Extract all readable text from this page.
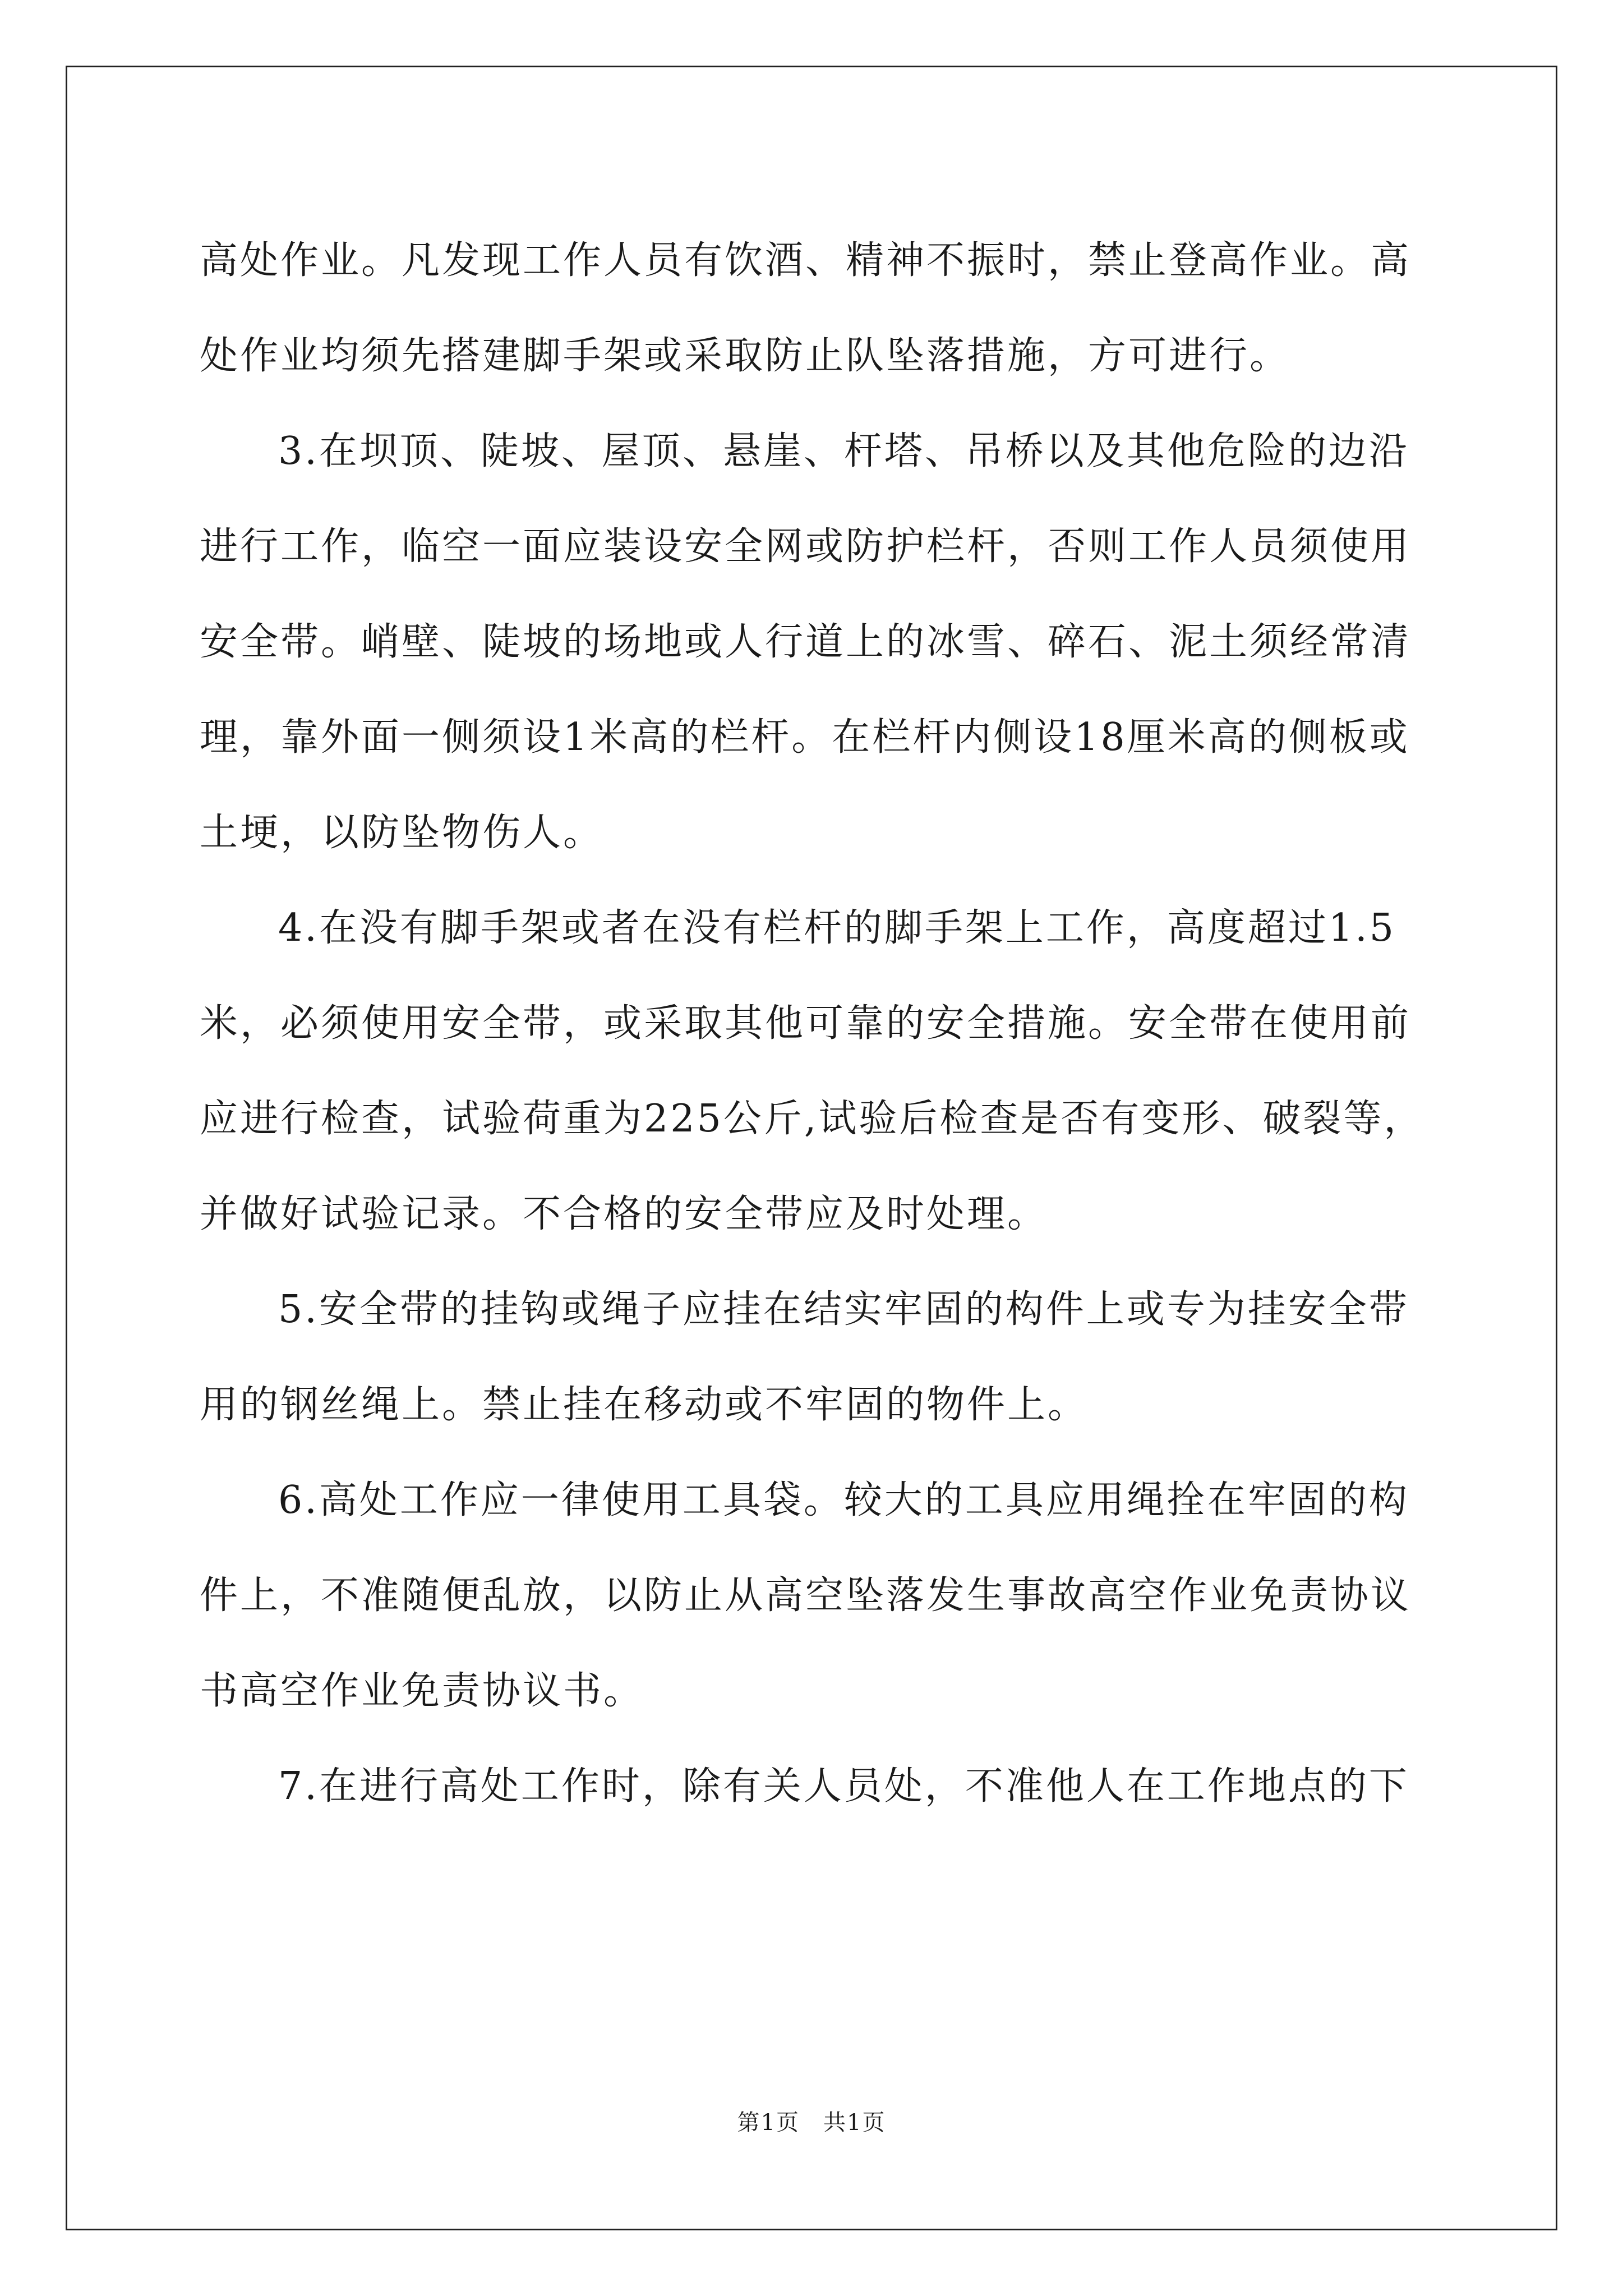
高处作业。凡发现工作人员有饮酒、精神不振时，禁止登高作业。高处作业均须先搭建脚手架或采取防止队坠落措施，方可进行。

3.在坝顶、陡坡、屋顶、悬崖、杆塔、吊桥以及其他危险的边沿进行工作，临空一面应装设安全网或防护栏杆，否则工作人员须使用安全带。峭壁、陡坡的场地或人行道上的冰雪、碎石、泥土须经常清理，靠外面一侧须设1米高的栏杆。在栏杆内侧设18厘米高的侧板或土埂，以防坠物伤人。

4.在没有脚手架或者在没有栏杆的脚手架上工作，高度超过1.5米，必须使用安全带，或采取其他可靠的安全措施。安全带在使用前应进行检查，试验荷重为225公斤,试验后检查是否有变形、破裂等，并做好试验记录。不合格的安全带应及时处理。

5.安全带的挂钩或绳子应挂在结实牢固的构件上或专为挂安全带用的钢丝绳上。禁止挂在移动或不牢固的物件上。

6.高处工作应一律使用工具袋。较大的工具应用绳拴在牢固的构件上，不准随便乱放，以防止从高空坠落发生事故高空作业免责协议书高空作业免责协议书。

7.在进行高处工作时，除有关人员处，不准他人在工作地点的下

第1页　共1页
